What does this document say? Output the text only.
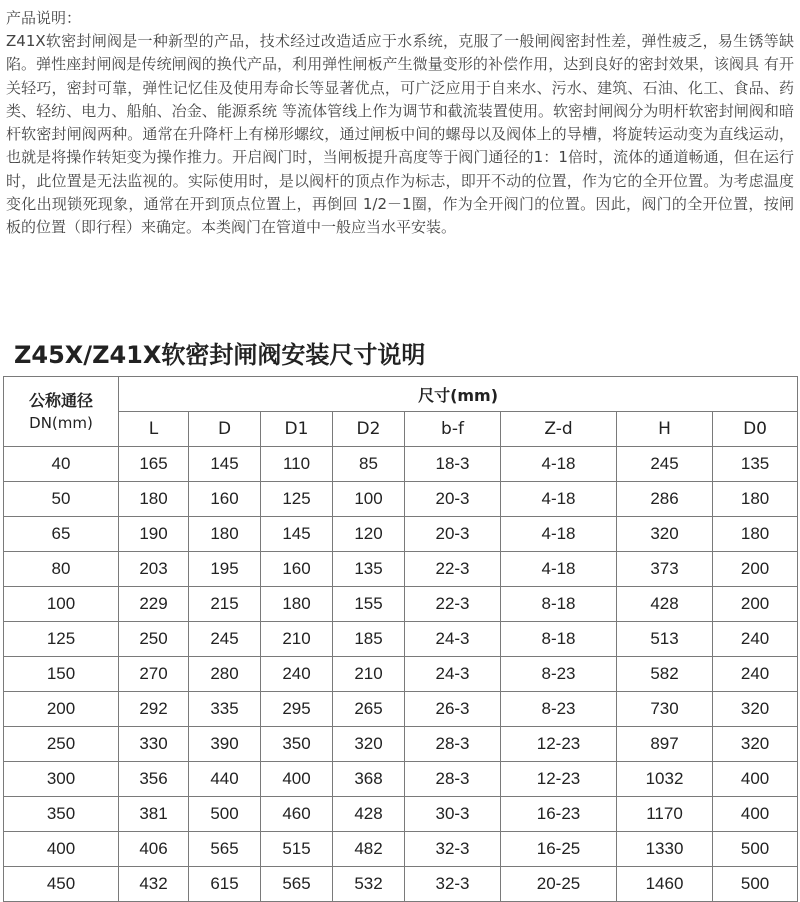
产品说明：

Z41X软密封闸阀是一种新型的产品，技术经过改造适应于水系统，克服了一般闸阀密封性差，弹性疲乏，易生锈等缺陷。弹性座封闸阀是传统闸阀的换代产品，利用弹性闸板产生微量变形的补偿作用，达到良好的密封效果，该阀具 有开关轻巧，密封可靠，弹性记忆佳及使用寿命长等显著优点，可广泛应用于自来水、污水、建筑、石油、化工、食品、药类、轻纺、电力、船舶、冶金、能源系统 等流体管线上作为调节和截流装置使用。软密封闸阀分为明杆软密封闸阀和暗杆软密封闸阀两种。通常在升降杆上有梯形螺纹，通过闸板中间的螺母以及阀体上的导槽，将旋转运动变为直线运动，也就是将操作转矩变为操作推力。开启阀门时，当闸板提升高度等于阀门通径的1：1倍时，流体的通道畅通，但在运行时，此位置是无法监视的。实际使用时，是以阀杆的顶点作为标志，即开不动的位置，作为它的全开位置。为考虑温度变化出现锁死现象，通常在开到顶点位置上，再倒回 1/2－1圈，作为全开阀门的位置。因此，阀门的全开位置，按闸板的位置（即行程）来确定。本类阀门在管道中一般应当水平安装。

Z45X/Z41X软密封闸阀安装尺寸说明
公称通径
DN(mm)	尺寸(mm)							
	L	D	D1	D2	b-f	Z-d	H	D0
40	165	145	110	85	18-3	4-18	245	135
50	180	160	125	100	20-3	4-18	286	180
65	190	180	145	120	20-3	4-18	320	180
80	203	195	160	135	22-3	4-18	373	200
100	229	215	180	155	22-3	8-18	428	200
125	250	245	210	185	24-3	8-18	513	240
150	270	280	240	210	24-3	8-23	582	240
200	292	335	295	265	26-3	8-23	730	320
250	330	390	350	320	28-3	12-23	897	320
300	356	440	400	368	28-3	12-23	1032	400
350	381	500	460	428	30-3	16-23	1170	400
400	406	565	515	482	32-3	16-25	1330	500
450	432	615	565	532	32-3	20-25	1460	500
